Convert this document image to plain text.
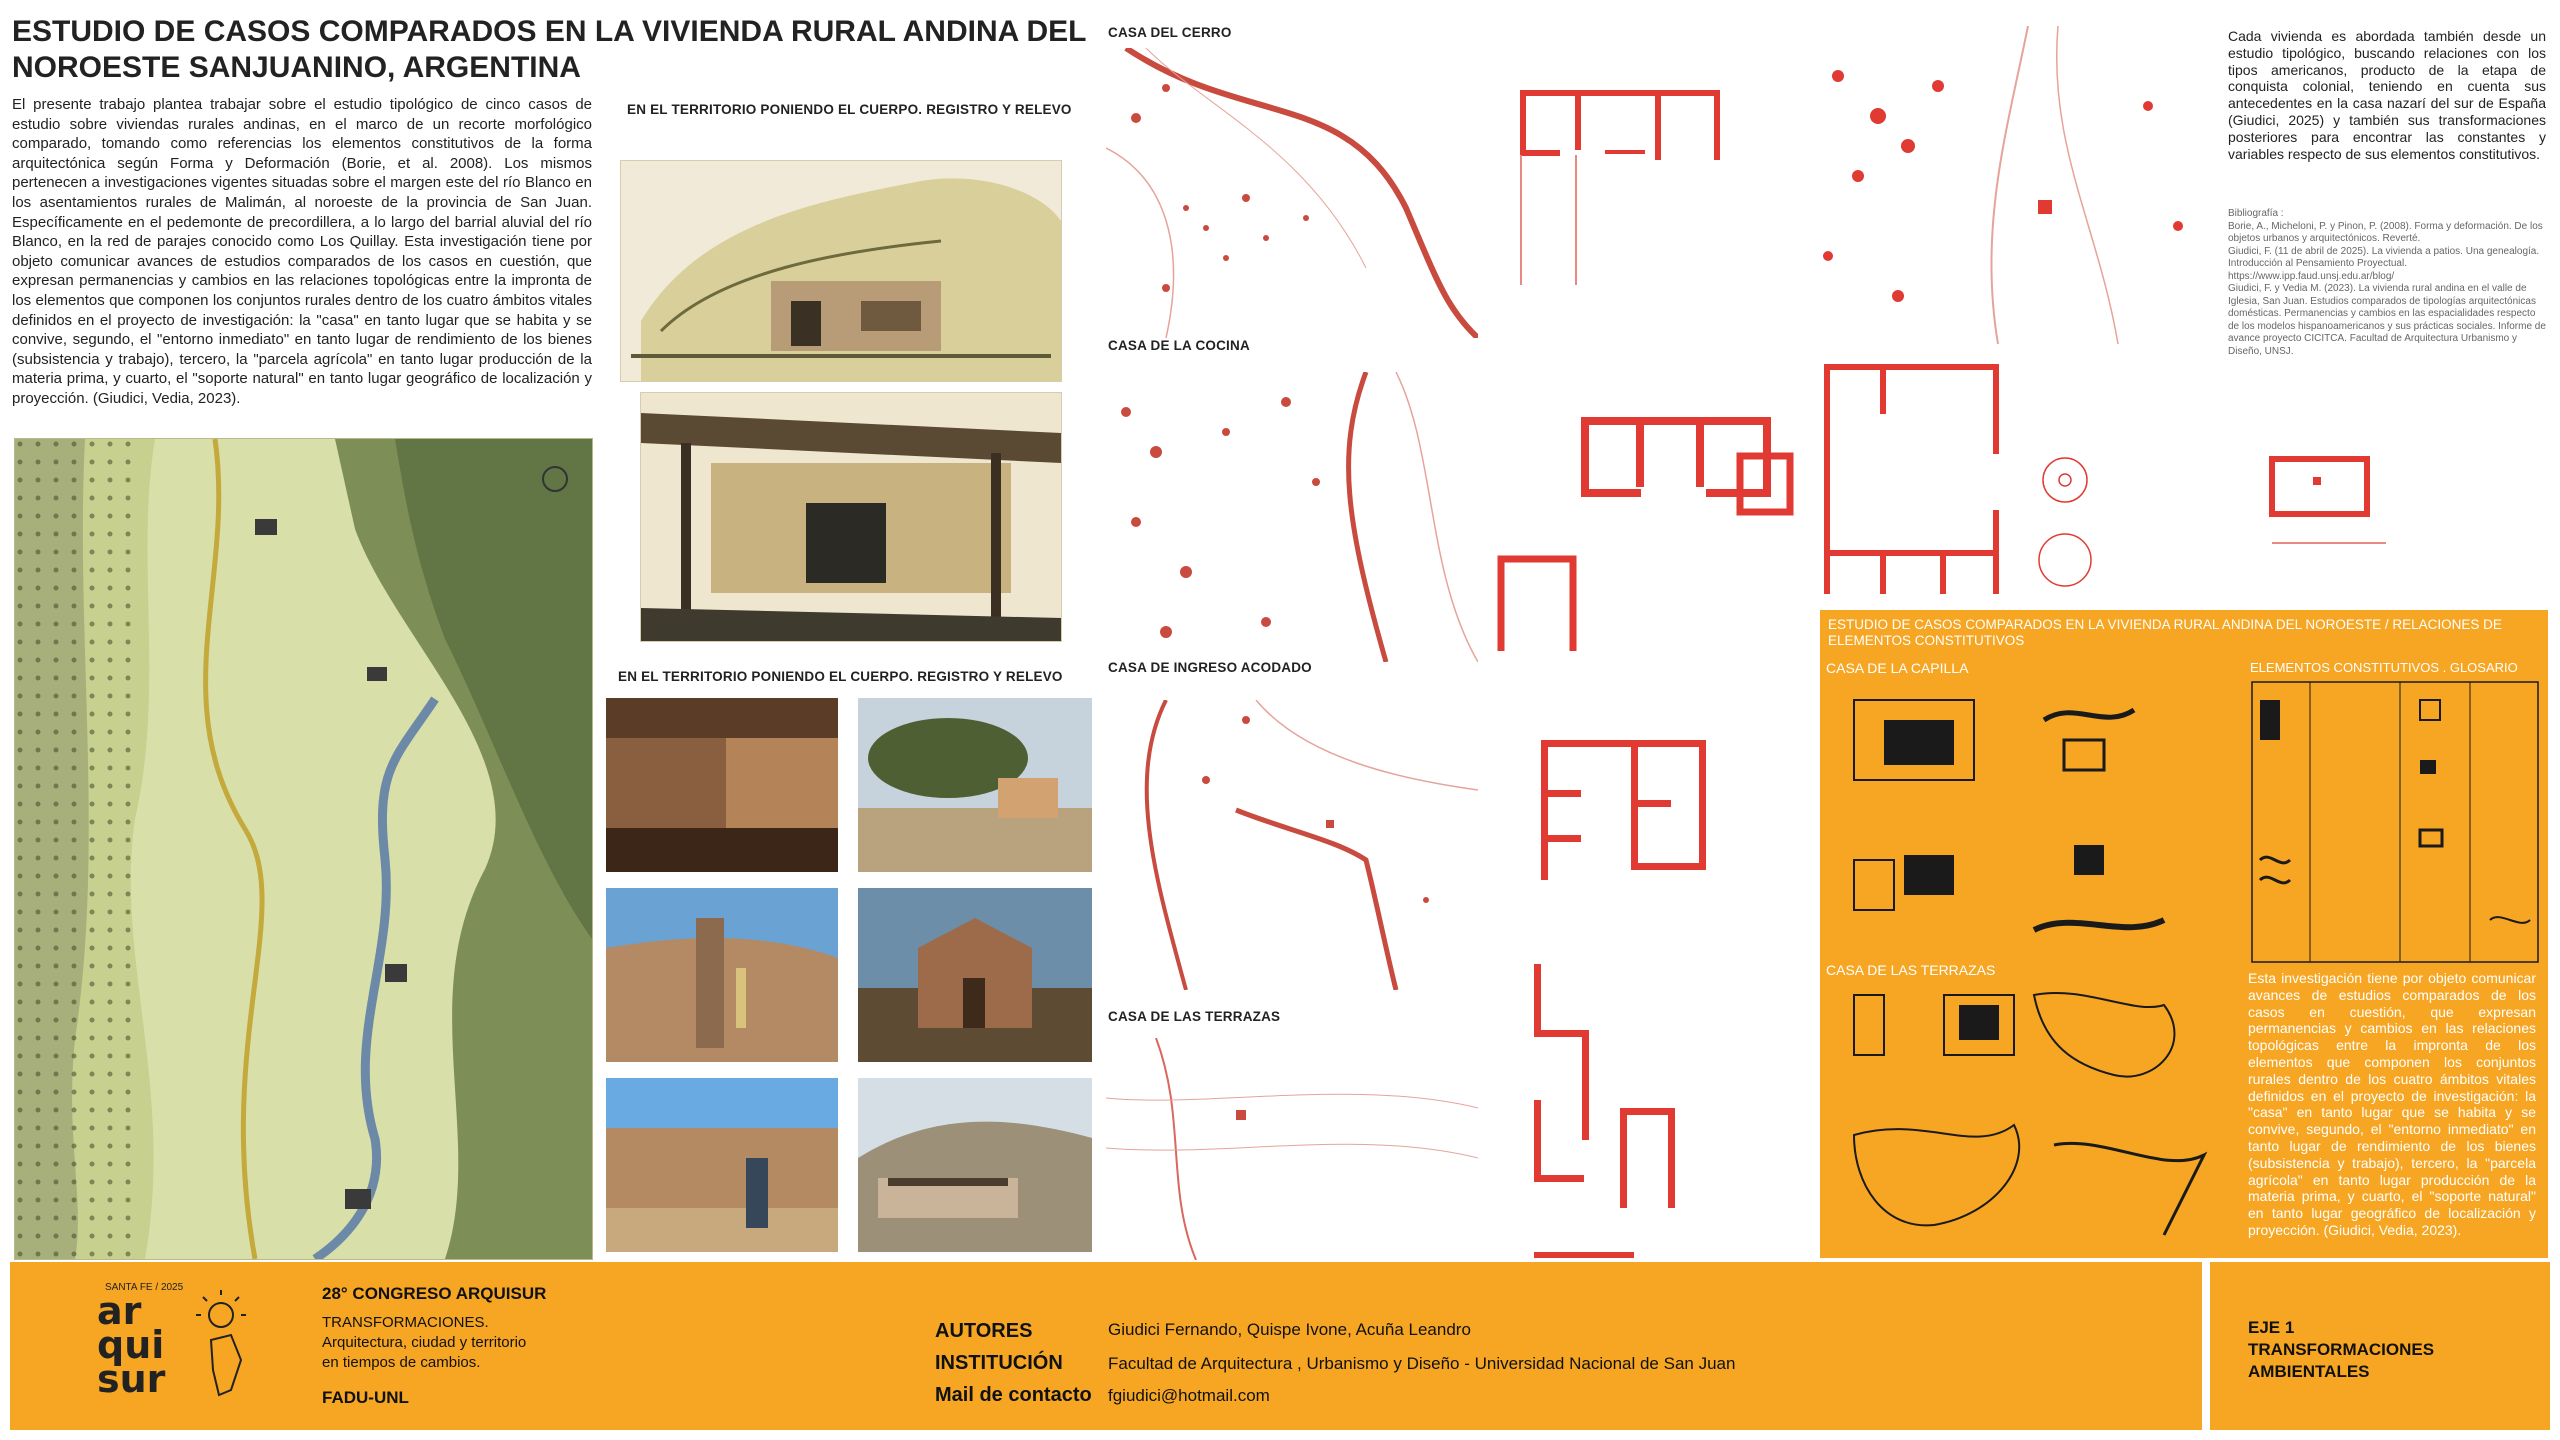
ESTUDIO DE CASOS COMPARADOS EN LA VIVIENDA RURAL ANDINA DEL NOROESTE SANJUANINO, ARGENTINA
El presente trabajo plantea trabajar sobre el estudio tipológico de cinco casos de estudio sobre viviendas rurales andinas, en el marco de un recorte morfológico comparado, tomando como referencias los elementos constitutivos de la forma arquitectónica según Forma y Deformación (Borie, et al. 2008). Los mismos pertenecen a investigaciones vigentes situadas sobre el margen este del río Blanco en los asentamientos rurales de Malimán, al noroeste de la provincia de San Juan. Específicamente en el pedemonte de precordillera, a lo largo del barrial aluvial del río Blanco, en la red de parajes conocido como Los Quillay. Esta investigación tiene por objeto comunicar avances de estudios comparados de los casos en cuestión, que expresan permanencias y cambios en las relaciones topológicas entre la impronta de los elementos que componen los conjuntos rurales dentro de los cuatro ámbitos vitales definidos en el proyecto de investigación: la "casa" en tanto lugar que se habita y se convive, segundo, el "entorno inmediato" en tanto lugar de rendimiento de los bienes (subsistencia y trabajo), tercero, la "parcela agrícola" en tanto lugar producción de la materia prima, y cuarto, el "soporte natural" en tanto lugar geográfico de localización y proyección. (Giudici, Vedia, 2023).
EN EL TERRITORIO PONIENDO EL CUERPO. REGISTRO Y RELEVO
EN EL TERRITORIO PONIENDO EL CUERPO. REGISTRO Y RELEVO
CASA DEL CERRO
CASA DE LA COCINA
CASA DE INGRESO ACODADO
CASA DE LAS TERRAZAS
Cada vivienda es abordada también desde un estudio tipológico, buscando relaciones con los tipos americanos, producto de la etapa de conquista colonial, teniendo en cuenta sus antecedentes en la casa nazarí del sur de España (Giudici, 2025) y también sus transformaciones posteriores para encontrar las constantes y variables respecto de sus elementos constitutivos.
Bibliografía :
Borie, A., Micheloni, P. y Pinon, P. (2008). Forma y deformación. De los objetos urbanos y arquitectónicos. Reverté.
Giudici, F. (11 de abril de 2025). La vivienda a patios. Una genealogía. Introducción al Pensamiento Proyectual. https://www.ipp.faud.unsj.edu.ar/blog/
Giudici, F. y Vedia M. (2023). La vivienda rural andina en el valle de Iglesia, San Juan. Estudios comparados de tipologías arquitectónicas domésticas. Permanencias y cambios en las espacialidades respecto de los modelos hispanoamericanos y sus prácticas sociales. Informe de avance proyecto CICITCA. Facultad de Arquitectura Urbanismo y Diseño, UNSJ.
ESTUDIO DE CASOS COMPARADOS EN LA VIVIENDA RURAL ANDINA DEL NOROESTE / RELACIONES DE ELEMENTOS CONSTITUTIVOS
CASA DE LA CAPILLA
CASA DE LAS TERRAZAS
ELEMENTOS CONSTITUTIVOS . GLOSARIO
Esta investigación tiene por objeto comunicar avances de estudios comparados de los casos en cuestión, que expresan permanencias y cambios en las relaciones topológicas entre la impronta de los elementos que componen los conjuntos rurales dentro de los cuatro ámbitos vitales definidos en el proyecto de investigación: la "casa" en tanto lugar que se habita y se convive, segundo, el "entorno inmediato" en tanto lugar de rendimiento de los bienes (subsistencia y trabajo), tercero, la "parcela agrícola" en tanto lugar producción de la materia prima, y cuarto, el "soporte natural" en tanto lugar geográfico de localización y proyección. (Giudici, Vedia, 2023).
SANTA FE / 2025
ar
qui
sur
28° CONGRESO ARQUISUR
TRANSFORMACIONES.
Arquitectura, ciudad y territorio
en tiempos de cambios.
FADU-UNL
AUTORES	Giudici Fernando, Quispe Ivone, Acuña Leandro
INSTITUCIÓN	Facultad de Arquitectura , Urbanismo y Diseño - Universidad Nacional de San Juan
Mail de contacto fgiudici@hotmail.com
EJE 1
TRANSFORMACIONES
AMBIENTALES
